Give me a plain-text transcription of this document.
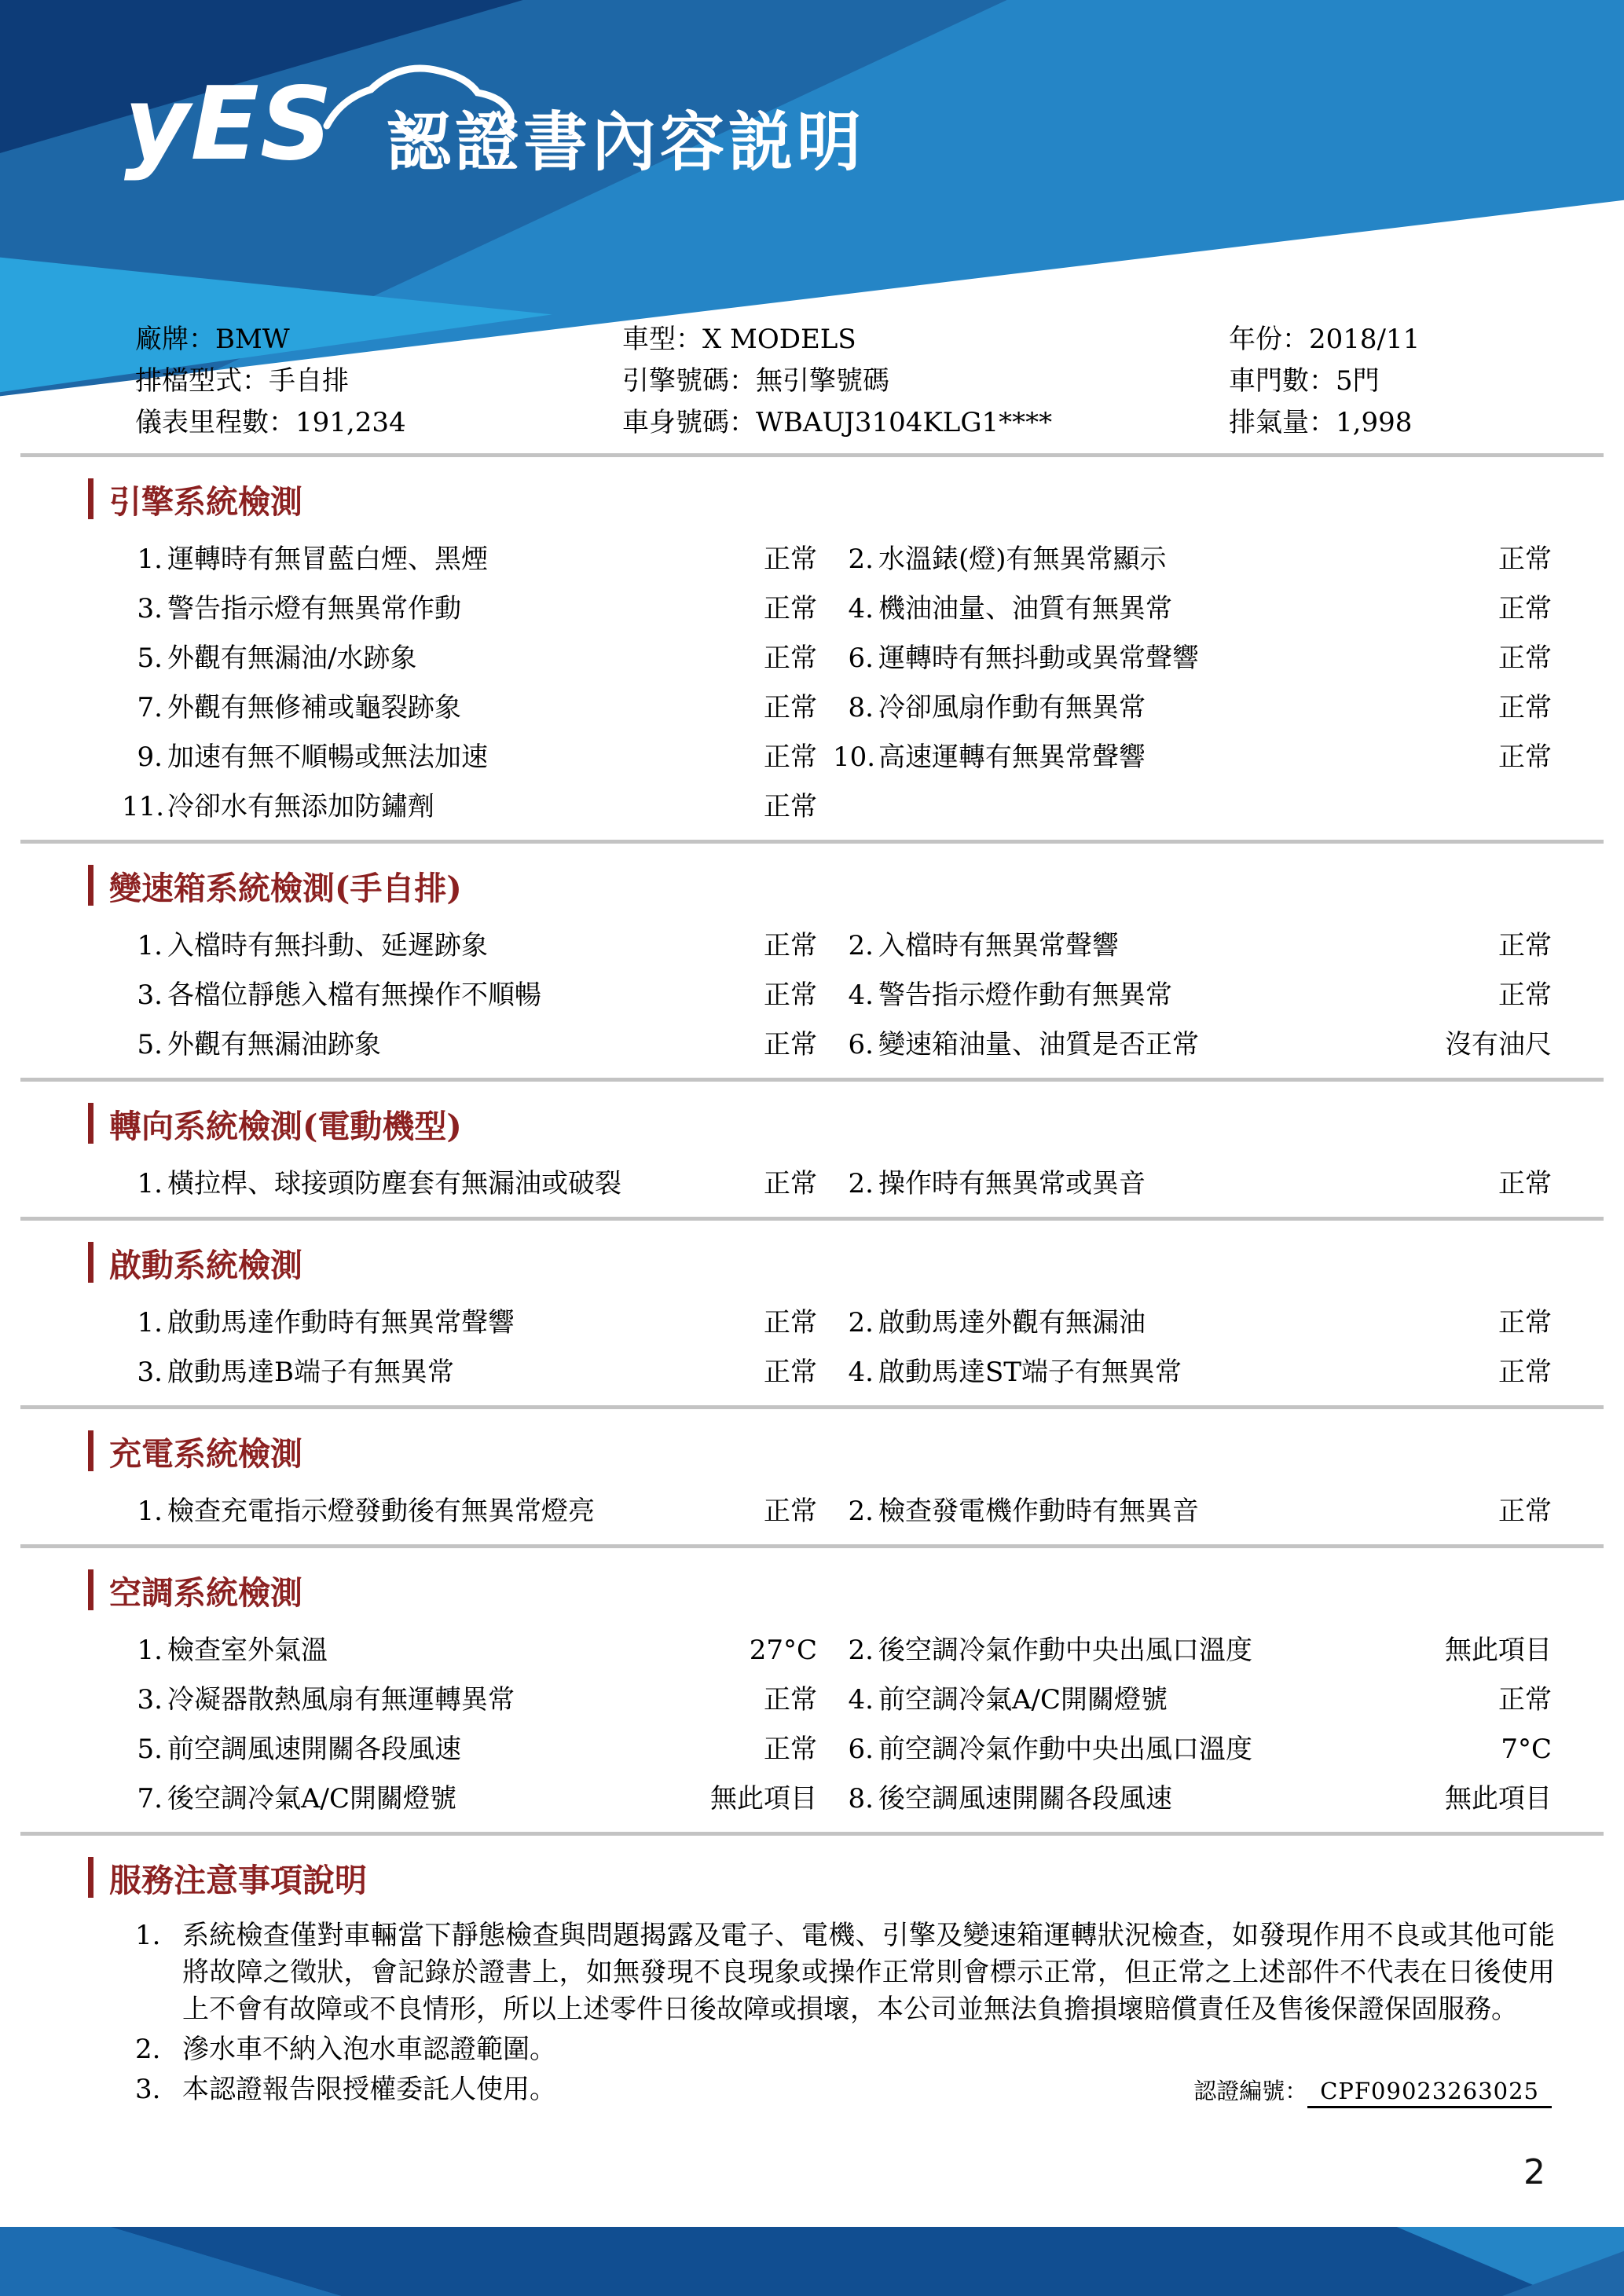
yES 認證書內容説明
廠牌：BMW	車型：X MODELS	年份：2018/11
排檔型式：手自排	引擎號碼：無引擎號碼	車門數：5門
儀表里程數：191,234	車身號碼：WBAUJ3104KLG1****	排氣量：1,998
引擎系統檢測
1. 運轉時有無冒藍白煙、黑煙	正常	2. 水溫錶(燈)有無異常顯示	正常
3. 警告指示燈有無異常作動	正常	4. 機油油量、油質有無異常	正常
5. 外觀有無漏油/水跡象	正常	6. 運轉時有無抖動或異常聲響	正常
7. 外觀有無修補或龜裂跡象	正常	8. 冷卻風扇作動有無異常	正常
9. 加速有無不順暢或無法加速	正常 10. 高速運轉有無異常聲響	正常
11. 冷卻水有無添加防鏽劑	正常
變速箱系統檢測(手自排)
1. 入檔時有無抖動、延遲跡象	正常	2. 入檔時有無異常聲響	正常
3. 各檔位靜態入檔有無操作不順暢	正常	4. 警告指示燈作動有無異常	正常
5. 外觀有無漏油跡象	正常	6. 變速箱油量、油質是否正常	沒有油尺
轉向系統檢測(電動機型)
1. 橫拉桿、球接頭防塵套有無漏油或破裂	正常	2. 操作時有無異常或異音	正常
啟動系統檢測
1. 啟動馬達作動時有無異常聲響	正常	2. 啟動馬達外觀有無漏油	正常
3. 啟動馬達B端子有無異常	正常	4. 啟動馬達ST端子有無異常	正常
充電系統檢測
1. 檢查充電指示燈發動後有無異常燈亮	正常	2. 檢查發電機作動時有無異音	正常
空調系統檢測
1. 檢查室外氣溫	27°C	2. 後空調冷氣作動中央出風口溫度	無此項目
3. 冷凝器散熱風扇有無運轉異常	正常	4. 前空調冷氣A/C開關燈號	正常
5. 前空調風速開關各段風速	正常	6. 前空調冷氣作動中央出風口溫度	7°C
7. 後空調冷氣A/C開關燈號	無此項目	8. 後空調風速開關各段風速	無此項目
服務注意事項說明
1. 系統檢查僅對車輛當下靜態檢查與問題揭露及電子、電機、引擎及變速箱運轉狀況檢查，如發現作用不良或其他可能將故障之徵狀，會記錄於證書上，如無發現不良現象或操作正常則會標示正常，但正常之上述部件不代表在日後使用上不會有故障或不良情形，所以上述零件日後故障或損壞，本公司並無法負擔損壞賠償責任及售後保證保固服務。
2. 滲水車不納入泡水車認證範圍。
3. 本認證報告限授權委託人使用。	認證編號： CPF09023263025
2
